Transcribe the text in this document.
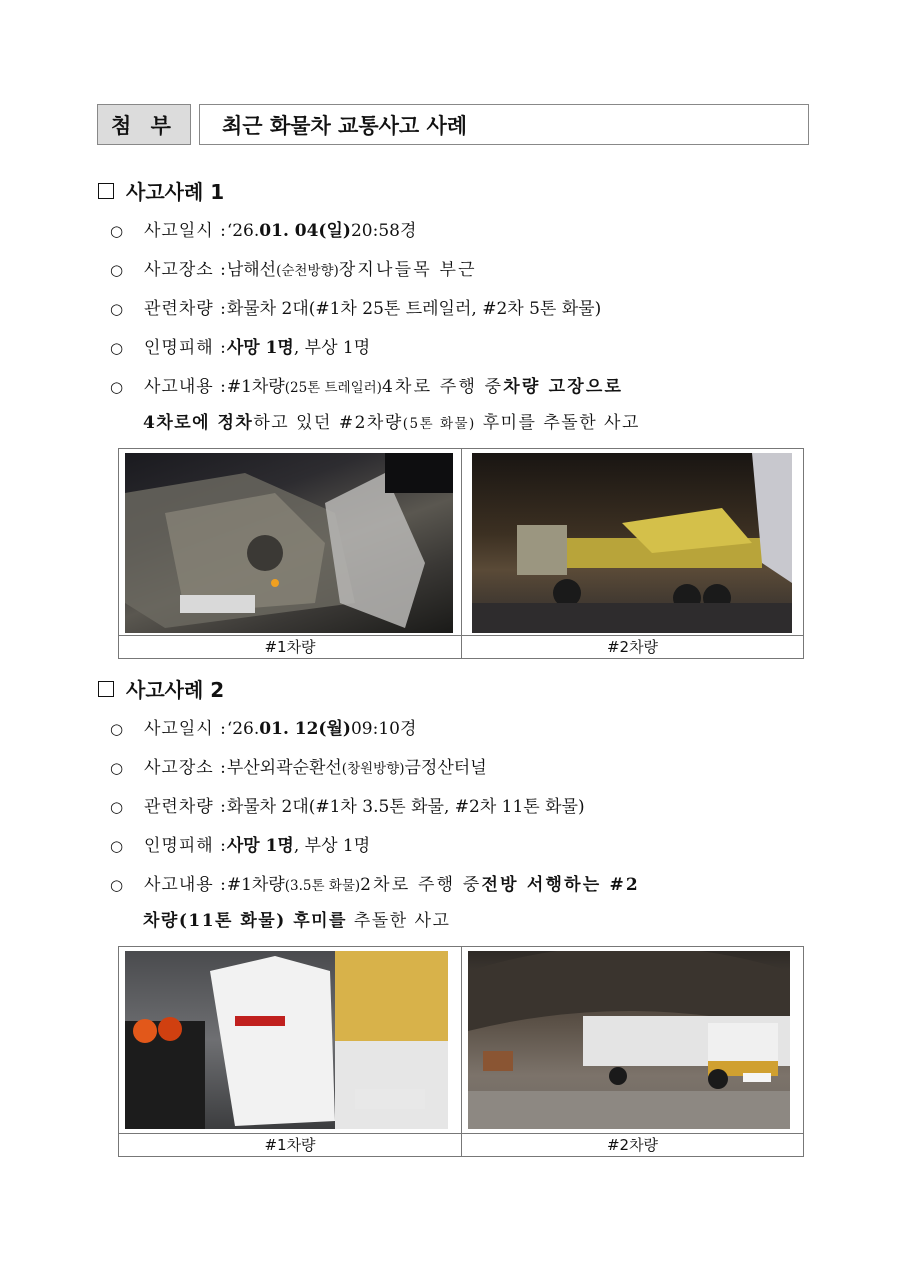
첨 부	최근 화물차 교통사고 사례
사고사례 1
○	사고일시 : ‘26. 01. 04(일) 20:58경
○	사고장소 : 남해선 (순천방향) 장지나들목 부근
○	관련차량 : 화물차 2대(#1차 25톤 트레일러, #2차 5톤 화물)
○	인명피해 : 사망 1명 , 부상 1명
○	사고내용 : #1차량 (25톤 트레일러) 4차로 주행 중 차량 고장으로
4차로에 정차하고 있던 #2차량(5톤 화물) 후미를 추돌한 사고
#1차량	#2차량
사고사례 2
○	사고일시 : ‘26. 01. 12(월) 09:10경
○	사고장소 : 부산외곽순환선 (창원방향) 금정산터널
○	관련차량 : 화물차 2대(#1차 3.5톤 화물, #2차 11톤 화물)
○	인명피해 : 사망 1명 , 부상 1명
○	사고내용 : #1차량 (3.5톤 화물) 2차로 주행 중 전방 서행하는 #2
차량(11톤 화물) 후미를 추돌한 사고
#1차량	#2차량
